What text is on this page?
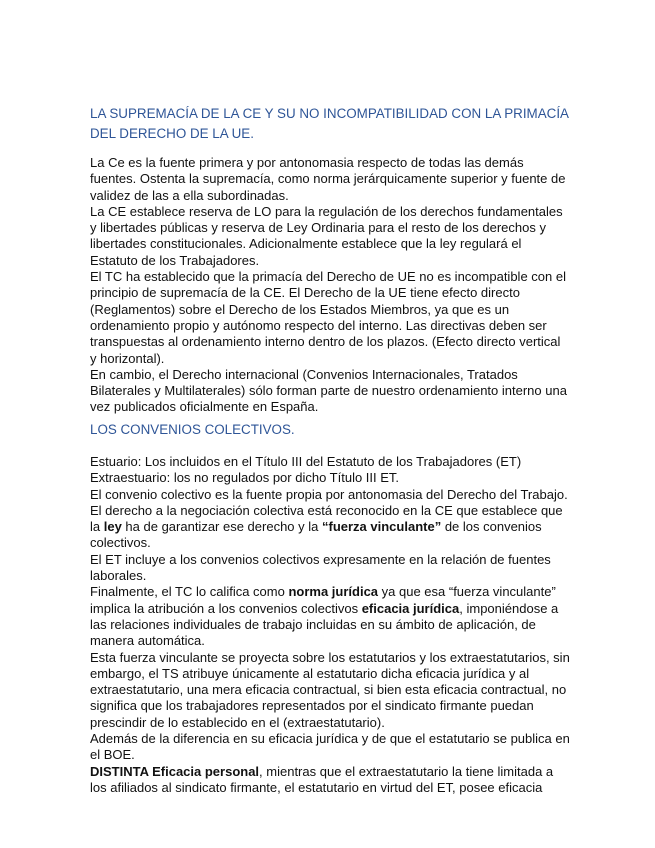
LA SUPREMACÍA DE LA CE Y SU NO INCOMPATIBILIDAD CON LA PRIMACÍA DEL DERECHO DE LA UE.

La Ce es la fuente primera y por antonomasia respecto de todas las demás fuentes. Ostenta la supremacía, como norma jerárquicamente superior y fuente de validez de las a ella subordinadas.

La CE establece reserva de LO para la regulación de los derechos fundamentales y libertades públicas y reserva de Ley Ordinaria para el resto de los derechos y libertades constitucionales. Adicionalmente establece que la ley regulará el Estatuto de los Trabajadores.

El TC ha establecido que la primacía del Derecho de UE no es incompatible con el principio de supremacía de la CE. El Derecho de la UE tiene efecto directo (Reglamentos) sobre el Derecho de los Estados Miembros, ya que es un ordenamiento propio y autónomo respecto del interno. Las directivas deben ser transpuestas al ordenamiento interno dentro de los plazos. (Efecto directo vertical y horizontal).

En cambio, el Derecho internacional (Convenios Internacionales, Tratados Bilaterales y Multilaterales) sólo forman parte de nuestro ordenamiento interno una vez publicados oficialmente en España.

LOS CONVENIOS COLECTIVOS.

Estuario: Los incluidos en el Título III del Estatuto de los Trabajadores (ET)

Extraestuario: los no regulados por dicho Título III ET.

El convenio colectivo es la fuente propia por antonomasia del Derecho del Trabajo.

El derecho a la negociación colectiva está reconocido en la CE que establece que la ley ha de garantizar ese derecho y la “fuerza vinculante” de los convenios colectivos.

El ET incluye a los convenios colectivos expresamente en la relación de fuentes laborales.

Finalmente, el TC lo califica como norma jurídica ya que esa “fuerza vinculante” implica la atribución a los convenios colectivos eficacia jurídica, imponiéndose a las relaciones individuales de trabajo incluidas en su ámbito de aplicación, de manera automática.

Esta fuerza vinculante se proyecta sobre los estatutarios y los extraestatutarios, sin embargo, el TS atribuye únicamente al estatutario dicha eficacia jurídica y al extraestatutario, una mera eficacia contractual, si bien esta eficacia contractual, no significa que los trabajadores representados por el sindicato firmante puedan prescindir de lo establecido en el (extraestatutario).

Además de la diferencia en su eficacia jurídica y de que el estatutario se publica en el BOE.

DISTINTA Eficacia personal, mientras que el extraestatutario la tiene limitada a los afiliados al sindicato firmante, el estatutario en virtud del ET, posee eficacia
